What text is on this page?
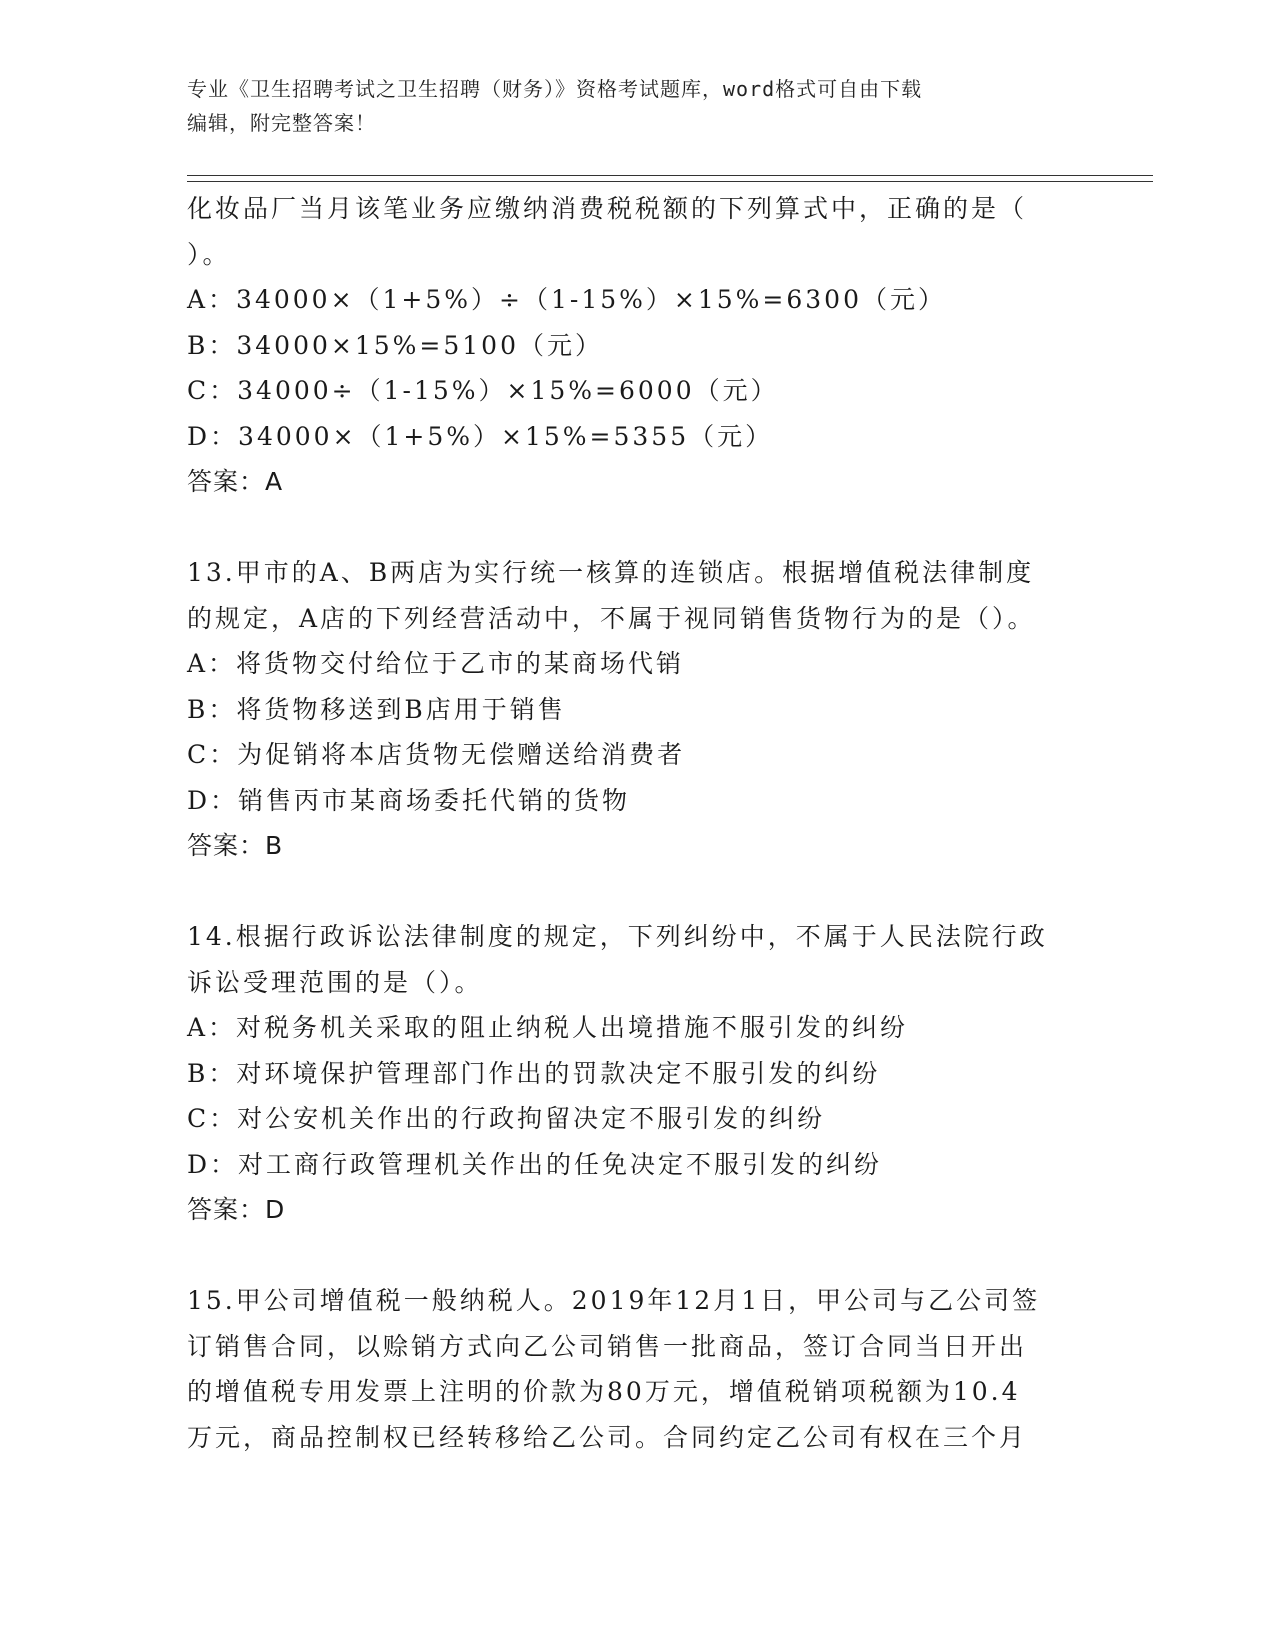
专业《卫生招聘考试之卫生招聘（财务）》资格考试题库，word格式可自由下载
编辑，附完整答案！
化妆品厂当月该笔业务应缴纳消费税税额的下列算式中，正确的是（
）。
A：34000×（1+5%）÷（1-15%）×15%=6300（元）
B：34000×15%=5100（元）
C：34000÷（1-15%）×15%=6000（元）
D：34000×（1+5%）×15%=5355（元）
答案：A
13.甲市的A、B两店为实行统一核算的连锁店。根据增值税法律制度
的规定，A店的下列经营活动中，不属于视同销售货物行为的是（）。
A：将货物交付给位于乙市的某商场代销
B：将货物移送到B店用于销售
C：为促销将本店货物无偿赠送给消费者
D：销售丙市某商场委托代销的货物
答案：B
14.根据行政诉讼法律制度的规定，下列纠纷中，不属于人民法院行政
诉讼受理范围的是（）。
A：对税务机关采取的阻止纳税人出境措施不服引发的纠纷
B：对环境保护管理部门作出的罚款决定不服引发的纠纷
C：对公安机关作出的行政拘留决定不服引发的纠纷
D：对工商行政管理机关作出的任免决定不服引发的纠纷
答案：D
15.甲公司增值税一般纳税人。2019年12月1日，甲公司与乙公司签
订销售合同，以赊销方式向乙公司销售一批商品，签订合同当日开出
的增值税专用发票上注明的价款为80万元，增值税销项税额为10.4
万元，商品控制权已经转移给乙公司。合同约定乙公司有权在三个月
